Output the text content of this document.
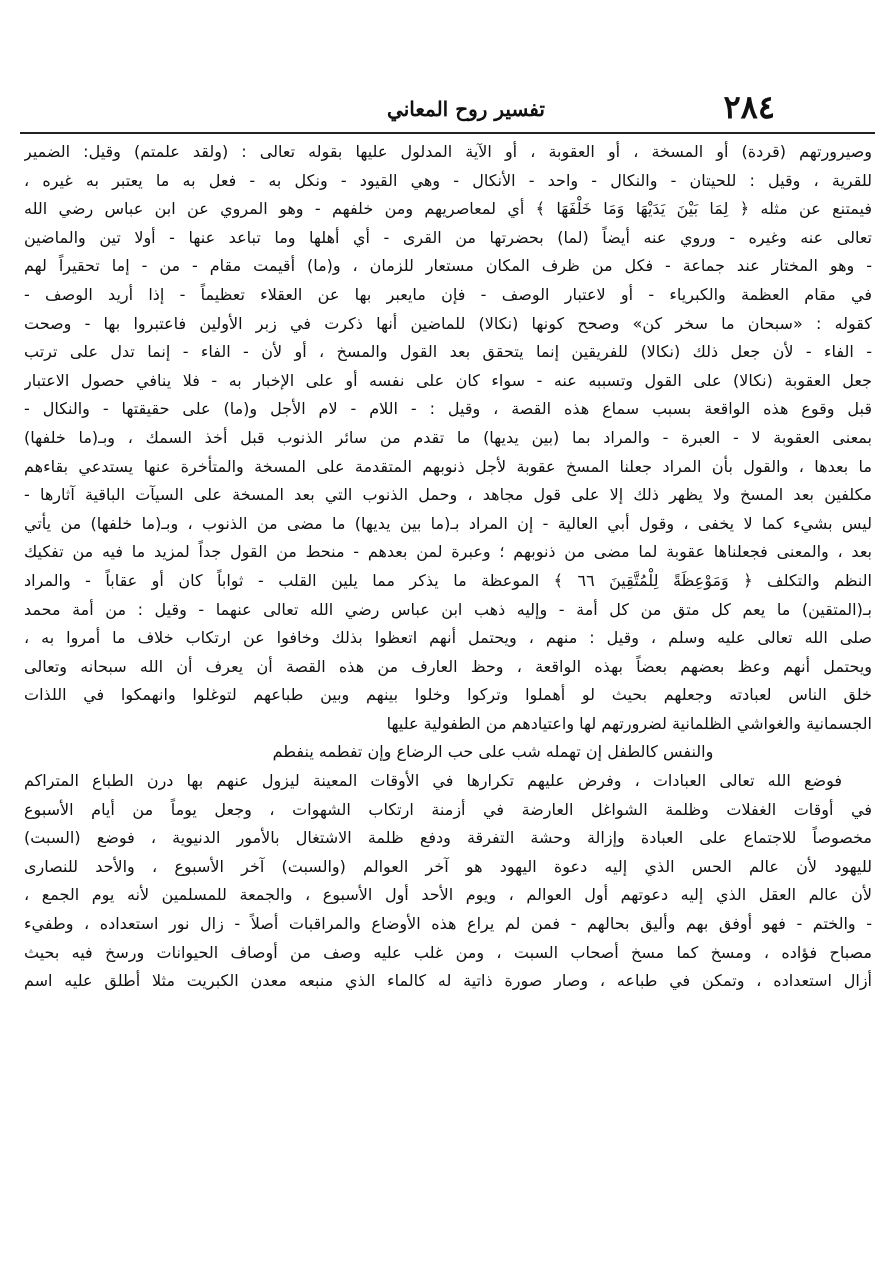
٢٨٤
تفسير روح المعاني
وصيرورتهم (قردة) أو المسخة ، أو العقوبة ، أو الآية المدلول عليها بقوله تعالى : (ولقد علمتم) وقيل: الضمير
للقرية ، وقيل : للحيتان - والنكال - واحد - الأنكال - وهي القيود - ونكل به - فعل به ما يعتبر به غيره ،
فيمتنع عن مثله ﴿ لِمَا بَيْنَ يَدَيْهَا وَمَا خَلْفَهَا ﴾ أي لمعاصريهم ومن خلفهم - وهو المروي عن ابن عباس رضي الله
تعالى عنه وغيره - وروي عنه أيضاً (لما) بحضرتها من القرى - أي أهلها وما تباعد عنها - أولا تين والماضين
- وهو المختار عند جماعة - فكل من ظرف المكان مستعار للزمان ، و(ما) أقيمت مقام - من - إما تحقيراً لهم
في مقام العظمة والكبرياء - أو لاعتبار الوصف - فإن مايعبر بها عن العقلاء تعظيماً - إذا أريد الوصف -
كقوله : «سبحان ما سخر كن» وصحح كونها (نكالا) للماضين أنها ذكرت في زبر الأولين فاعتبروا بها - وصحت
- الفاء - لأن جعل ذلك (نكالا) للفريقين إنما يتحقق بعد القول والمسخ ، أو لأن - الفاء - إنما تدل على ترتب
جعل العقوبة (نكالا) على القول وتسببه عنه - سواء كان على نفسه أو على الإخبار به - فلا ينافي حصول الاعتبار
قبل وقوع هذه الواقعة بسبب سماع هذه القصة ، وقيل : - اللام - لام الأجل و(ما) على حقيقتها - والنكال -
بمعنى العقوبة لا - العبرة - والمراد بما (بين يديها) ما تقدم من سائر الذنوب قبل أخذ السمك ، وبـ(ما خلفها)
ما بعدها ، والقول بأن المراد جعلنا المسخ عقوبة لأجل ذنوبهم المتقدمة على المسخة والمتأخرة عنها يستدعي بقاءهم
مكلفين بعد المسخ ولا يظهر ذلك إلا على قول مجاهد ، وحمل الذنوب التي بعد المسخة على السيآت الباقية آثارها -
ليس بشيء كما لا يخفى ، وقول أبي العالية - إن المراد بـ(ما بين يديها) ما مضى من الذنوب ، وبـ(ما خلفها) من يأتي
بعد ، والمعنى فجعلناها عقوبة لما مضى من ذنوبهم ؛ وعبرة لمن بعدهم - منحط من القول جداً لمزيد ما فيه من تفكيك
النظم والتكلف ﴿ وَمَوْعِظَةً لِلْمُتَّقِينَ ٦٦ ﴾ الموعظة ما يذكر مما يلين القلب - ثواباً كان أو عقاباً - والمراد
بـ(المتقين) ما يعم كل متق من كل أمة - وإليه ذهب ابن عباس رضي الله تعالى عنهما - وقيل : من أمة محمد
صلى الله تعالى عليه وسلم ، وقيل : منهم ، ويحتمل أنهم اتعظوا بذلك وخافوا عن ارتكاب خلاف ما أمروا به ،
ويحتمل أنهم وعظ بعضهم بعضاً بهذه الواقعة ، وحظ العارف من هذه القصة أن يعرف أن الله سبحانه وتعالى
خلق الناس لعبادته وجعلهم بحيث لو أهملوا وتركوا وخلوا بينهم وبين طباعهم لتوغلوا وانهمكوا في اللذات
الجسمانية والغواشي الظلمانية لضرورتهم لها واعتيادهم من الطفولية عليها
والنفس كالطفل إن تهمله شب على حب الرضاع وإن تفطمه ينفطم
فوضع الله تعالى العبادات ، وفرض عليهم تكرارها في الأوقات المعينة ليزول عنهم بها درن الطباع المتراكم
في أوقات الغفلات وظلمة الشواغل العارضة في أزمنة ارتكاب الشهوات ، وجعل يوماً من أيام الأسبوع
مخصوصاً للاجتماع على العبادة وإزالة وحشة التفرقة ودفع ظلمة الاشتغال بالأمور الدنيوية ، فوضع (السبت)
لليهود لأن عالم الحس الذي إليه دعوة اليهود هو آخر العوالم (والسبت) آخر الأسبوع ، والأحد للنصارى
لأن عالم العقل الذي إليه دعوتهم أول العوالم ، ويوم الأحد أول الأسبوع ، والجمعة للمسلمين لأنه يوم الجمع ،
- والختم - فهو أوفق بهم وأليق بحالهم - فمن لم يراع هذه الأوضاع والمراقبات أصلاً - زال نور استعداده ، وطفيء
مصباح فؤاده ، ومسخ كما مسخ أصحاب السبت ، ومن غلب عليه وصف من أوصاف الحيوانات ورسخ فيه بحيث
أزال استعداده ، وتمكن في طباعه ، وصار صورة ذاتية له كالماء الذي منبعه معدن الكبريت مثلا أطلق عليه اسم
